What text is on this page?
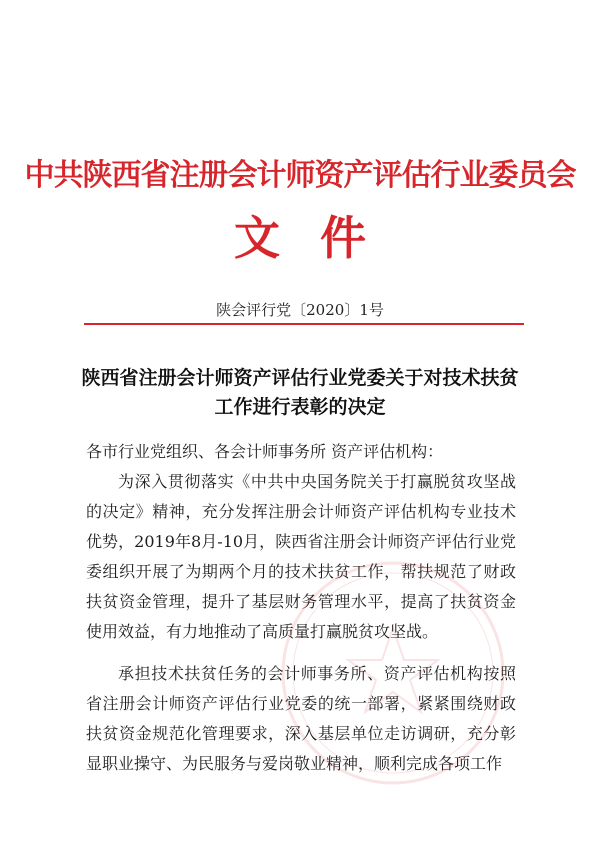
中共陕西省注册会计师资产评估行业委员会
文件
陕会评行党〔2020〕1号
陕西省注册会计师资产评估行业党委关于对技术扶贫
工作进行表彰的决定

各市行业党组织、各会计师事务所 资产评估机构：

为深入贯彻落实《中共中央国务院关于打赢脱贫攻坚战的决定》精神，充分发挥注册会计师资产评估机构专业技术优势，2019年8月-10月，陕西省注册会计师资产评估行业党委组织开展了为期两个月的技术扶贫工作，帮扶规范了财政扶贫资金管理，提升了基层财务管理水平，提高了扶贫资金使用效益，有力地推动了高质量打赢脱贫攻坚战。

承担技术扶贫任务的会计师事务所、资产评估机构按照省注册会计师资产评估行业党委的统一部署，紧紧围绕财政扶贫资金规范化管理要求，深入基层单位走访调研，充分彰显职业操守、为民服务与爱岗敬业精神，顺利完成各项工作
